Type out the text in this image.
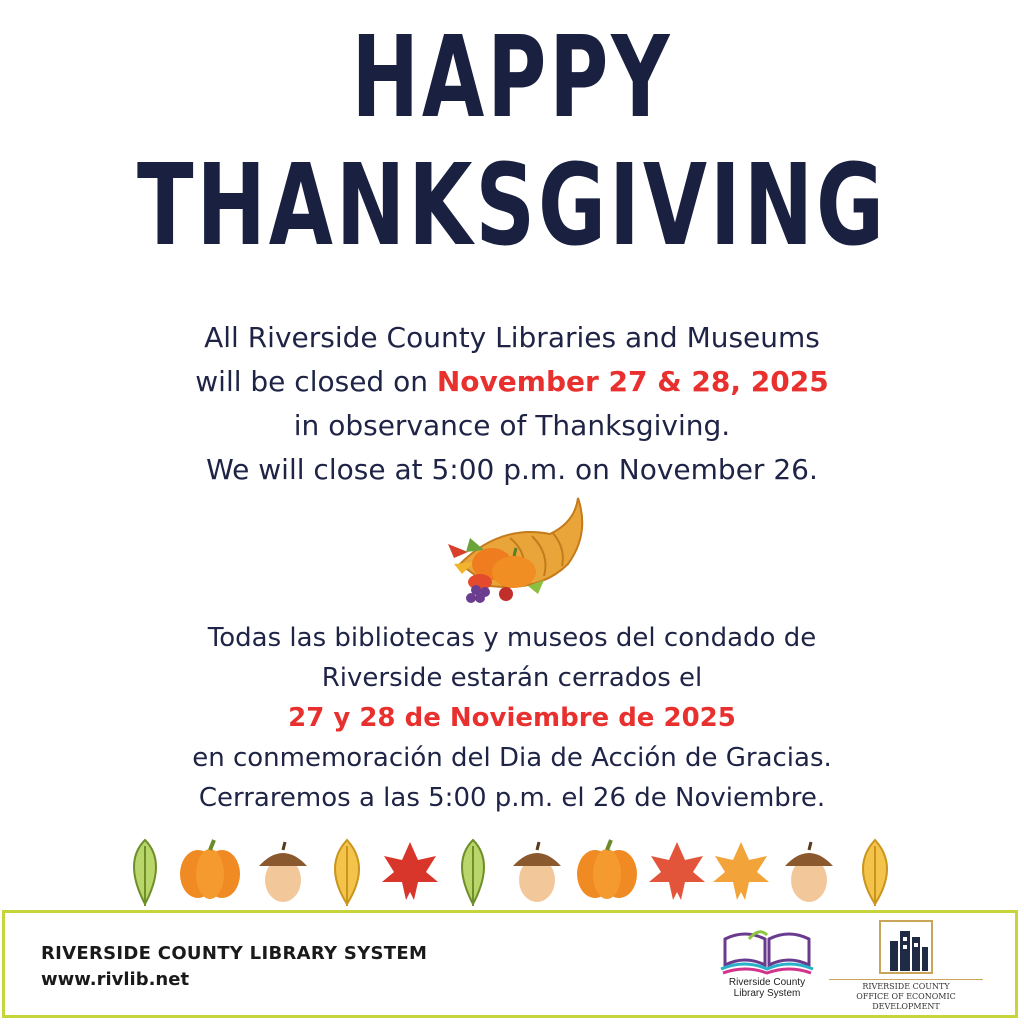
HAPPY
THANKSGIVING
All Riverside County Libraries and Museums
will be closed on November 27 & 28, 2025
in observance of Thanksgiving.
We will close at 5:00 p.m. on November 26.
Todas las bibliotecas y museos del condado de
Riverside estarán cerrados el
27 y 28 de Noviembre de 2025
en conmemoración del Dia de Acción de Gracias.
Cerraremos a las 5:00 p.m. el 26 de Noviembre.
RIVERSIDE COUNTY LIBRARY SYSTEM
www.rivlib.net	Riverside County
Library System
RIVERSIDE COUNTY
OFFICE OF ECONOMIC DEVELOPMENT
